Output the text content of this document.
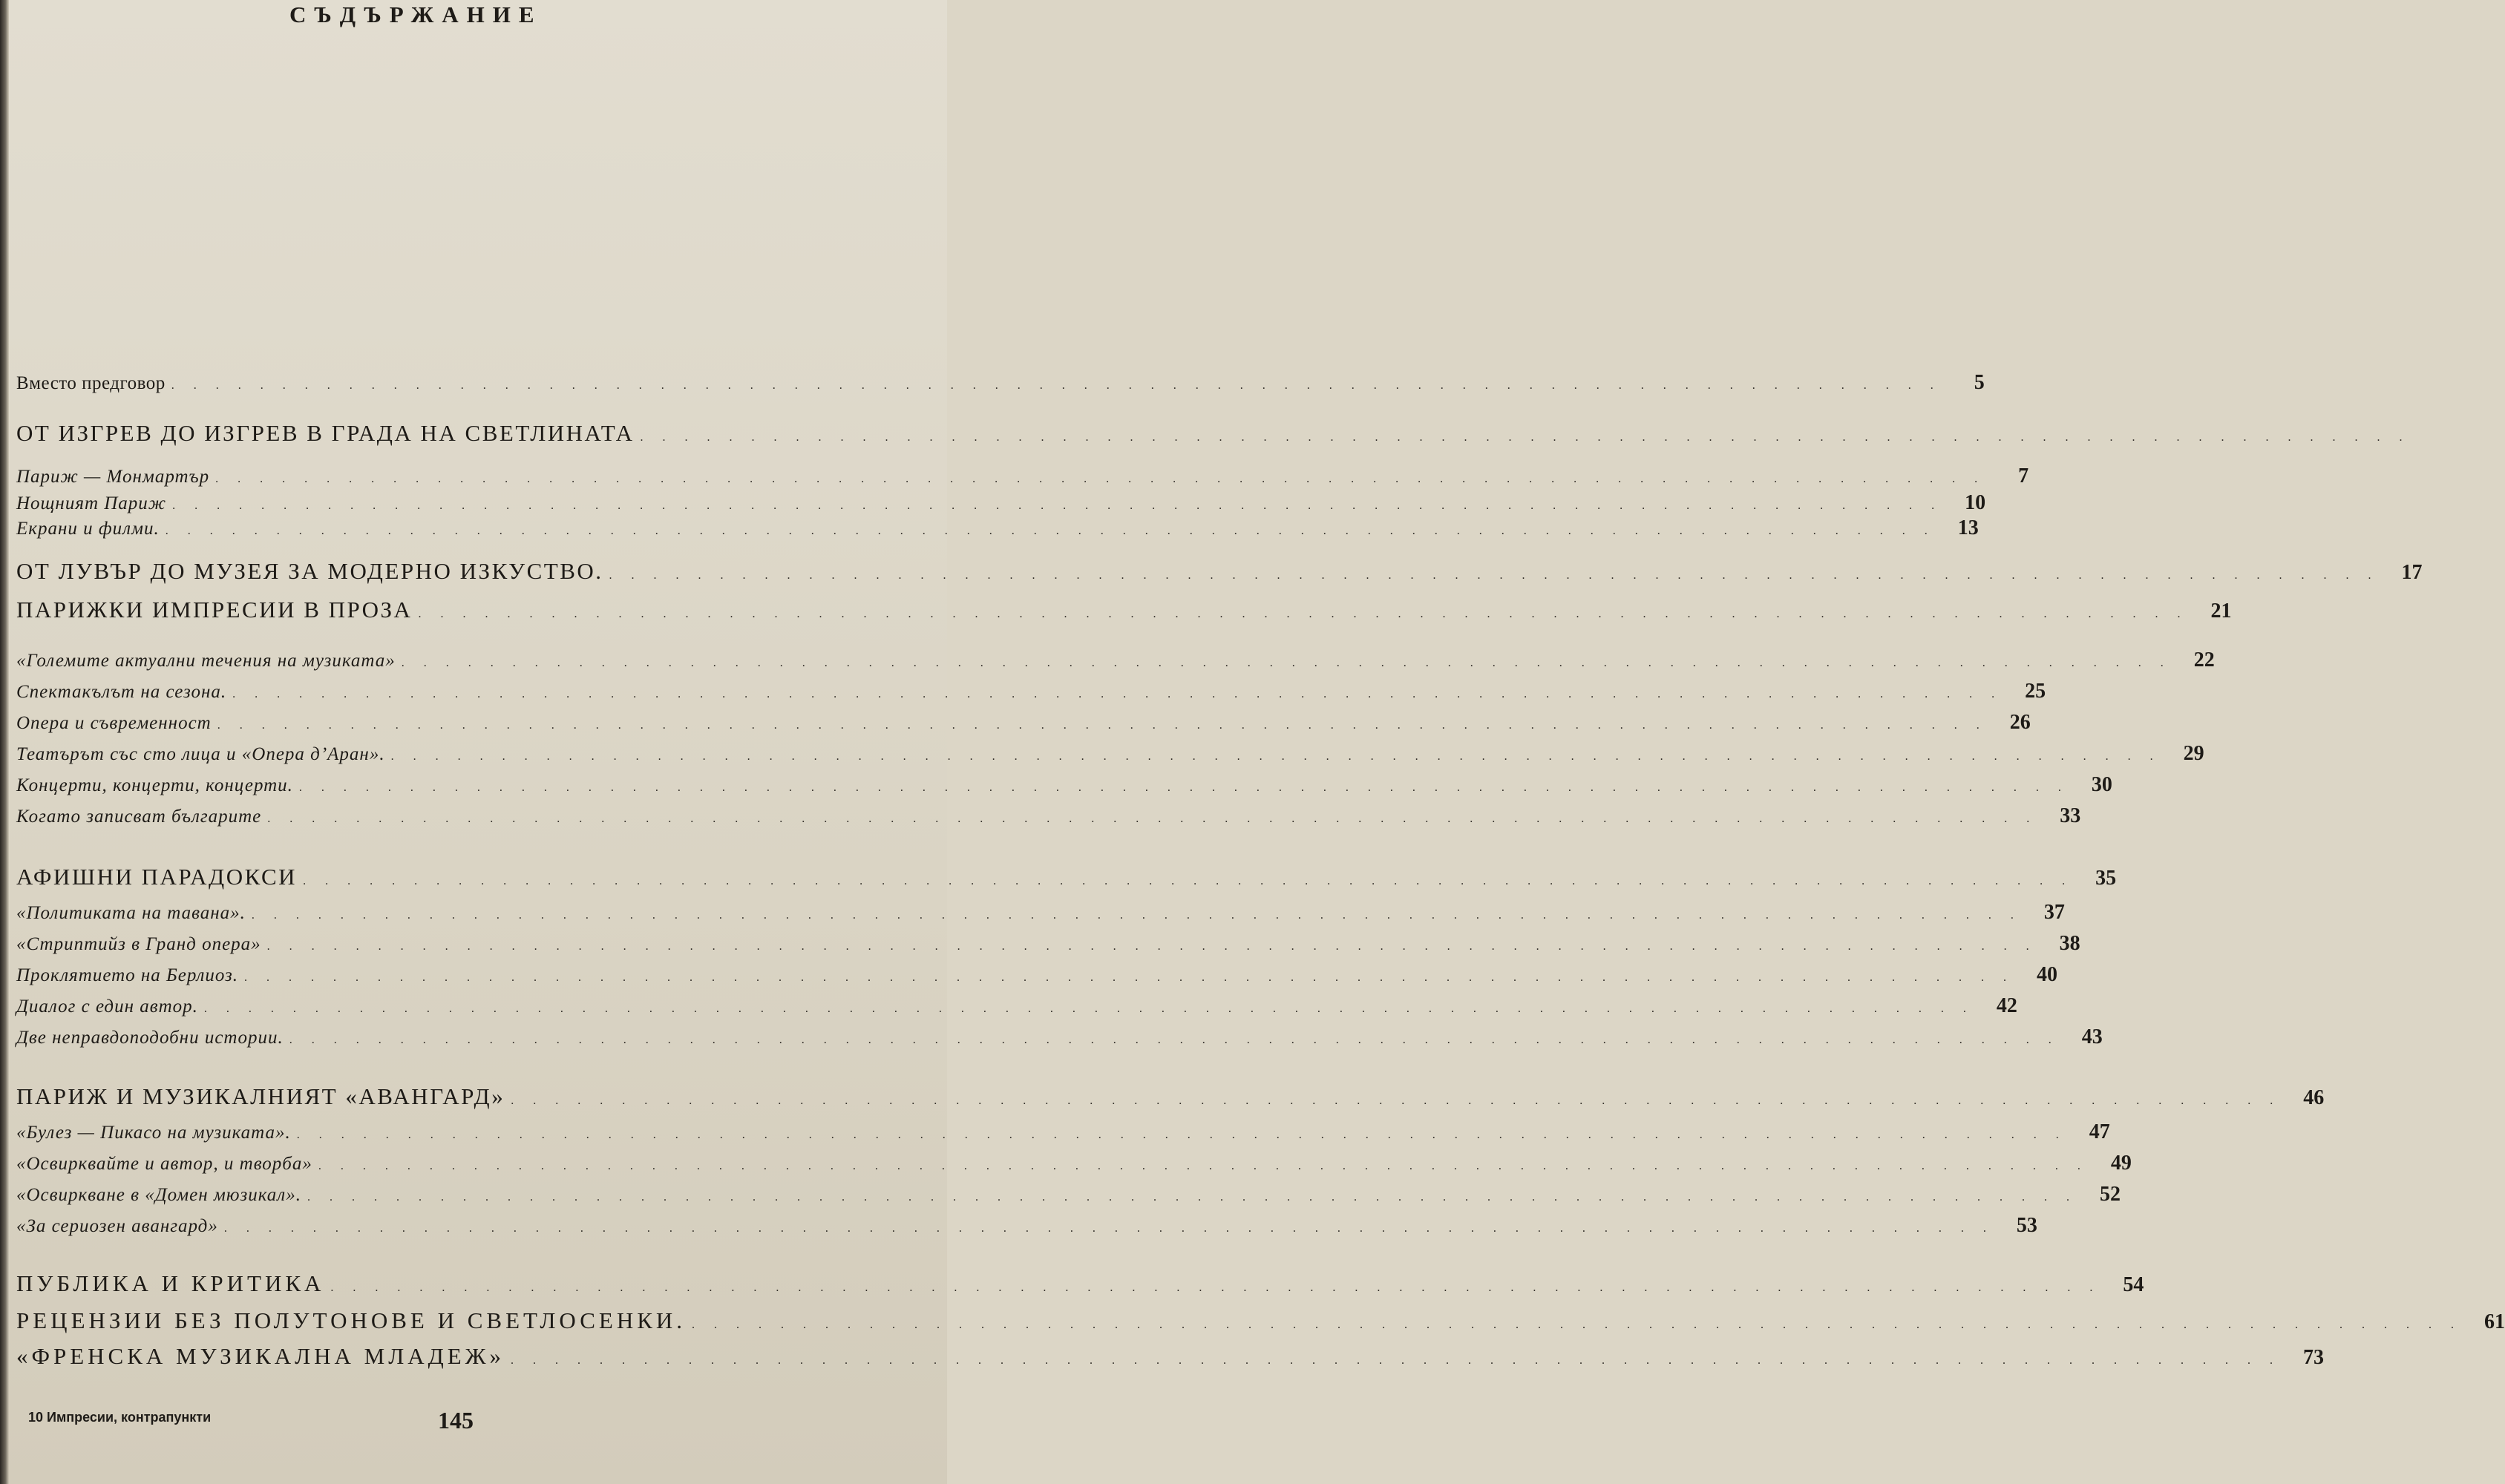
СЪДЪРЖАНИЕ
Вместо предговор . . . . . . . . . . . . . . . . . . . . . . . . . . . . . . . . . . . . . . . . . . . . . . . . . . . . . . . . . . . . . . . . . . . . . . . . . . . . . . . .	5
ОТ ИЗГРЕВ ДО ИЗГРЕВ В ГРАДА НА СВЕТЛИНАТА . . . . . . . . . . . . . . . . . . . . . . . . . . . . . . . . . . . . . . . . . . . . . . . . . . . . . . . . . . . . . . . . . . . . . . . . . . . . . . . .
Париж — Монмартър . . . . . . . . . . . . . . . . . . . . . . . . . . . . . . . . . . . . . . . . . . . . . . . . . . . . . . . . . . . . . . . . . . . . . . . . . . . . . . . .	7
Нощният Париж . . . . . . . . . . . . . . . . . . . . . . . . . . . . . . . . . . . . . . . . . . . . . . . . . . . . . . . . . . . . . . . . . . . . . . . . . . . . . . . .	10
Екрани и филми. . . . . . . . . . . . . . . . . . . . . . . . . . . . . . . . . . . . . . . . . . . . . . . . . . . . . . . . . . . . . . . . . . . . . . . . . . . . . . . . .	13
ОТ ЛУВЪР ДО МУЗЕЯ ЗА МОДЕРНО ИЗКУСТВО. . . . . . . . . . . . . . . . . . . . . . . . . . . . . . . . . . . . . . . . . . . . . . . . . . . . . . . . . . . . . . . . . . . . . . . . . . . . . . . . .	17
ПАРИЖКИ ИМПРЕСИИ В ПРОЗА . . . . . . . . . . . . . . . . . . . . . . . . . . . . . . . . . . . . . . . . . . . . . . . . . . . . . . . . . . . . . . . . . . . . . . . . . . . . . . . .	21
«Големите актуални течения на музиката» . . . . . . . . . . . . . . . . . . . . . . . . . . . . . . . . . . . . . . . . . . . . . . . . . . . . . . . . . . . . . . . . . . . . . . . . . . . . . . . .	22
Спектакълът на сезона. . . . . . . . . . . . . . . . . . . . . . . . . . . . . . . . . . . . . . . . . . . . . . . . . . . . . . . . . . . . . . . . . . . . . . . . . . . . . . . . .	25
Опера и съвременност . . . . . . . . . . . . . . . . . . . . . . . . . . . . . . . . . . . . . . . . . . . . . . . . . . . . . . . . . . . . . . . . . . . . . . . . . . . . . . . .	26
Театърът със сто лица и «Опера д’Аран». . . . . . . . . . . . . . . . . . . . . . . . . . . . . . . . . . . . . . . . . . . . . . . . . . . . . . . . . . . . . . . . . . . . . . . . . . . . . . . . .	29
Концерти, концерти, концерти. . . . . . . . . . . . . . . . . . . . . . . . . . . . . . . . . . . . . . . . . . . . . . . . . . . . . . . . . . . . . . . . . . . . . . . . . . . . . . . . .	30
Когато записват българите . . . . . . . . . . . . . . . . . . . . . . . . . . . . . . . . . . . . . . . . . . . . . . . . . . . . . . . . . . . . . . . . . . . . . . . . . . . . . . . .	33
АФИШНИ ПАРАДОКСИ . . . . . . . . . . . . . . . . . . . . . . . . . . . . . . . . . . . . . . . . . . . . . . . . . . . . . . . . . . . . . . . . . . . . . . . . . . . . . . . .	35
«Политиката на тавана». . . . . . . . . . . . . . . . . . . . . . . . . . . . . . . . . . . . . . . . . . . . . . . . . . . . . . . . . . . . . . . . . . . . . . . . . . . . . . . . .	37
«Стриптийз в Гранд опера» . . . . . . . . . . . . . . . . . . . . . . . . . . . . . . . . . . . . . . . . . . . . . . . . . . . . . . . . . . . . . . . . . . . . . . . . . . . . . . . .	38
Проклятието на Берлиоз. . . . . . . . . . . . . . . . . . . . . . . . . . . . . . . . . . . . . . . . . . . . . . . . . . . . . . . . . . . . . . . . . . . . . . . . . . . . . . . . .	40
Диалог с един автор. . . . . . . . . . . . . . . . . . . . . . . . . . . . . . . . . . . . . . . . . . . . . . . . . . . . . . . . . . . . . . . . . . . . . . . . . . . . . . . . .	42
Две неправдоподобни истории. . . . . . . . . . . . . . . . . . . . . . . . . . . . . . . . . . . . . . . . . . . . . . . . . . . . . . . . . . . . . . . . . . . . . . . . . . . . . . . . .	43
ПАРИЖ И МУЗИКАЛНИЯТ «АВАНГАРД» . . . . . . . . . . . . . . . . . . . . . . . . . . . . . . . . . . . . . . . . . . . . . . . . . . . . . . . . . . . . . . . . . . . . . . . . . . . . . . . .	46
«Булез — Пикасо на музиката». . . . . . . . . . . . . . . . . . . . . . . . . . . . . . . . . . . . . . . . . . . . . . . . . . . . . . . . . . . . . . . . . . . . . . . . . . . . . . . . .	47
«Освирквайте и автор, и творба» . . . . . . . . . . . . . . . . . . . . . . . . . . . . . . . . . . . . . . . . . . . . . . . . . . . . . . . . . . . . . . . . . . . . . . . . . . . . . . . .	49
«Освиркване в «Домен мюзикал». . . . . . . . . . . . . . . . . . . . . . . . . . . . . . . . . . . . . . . . . . . . . . . . . . . . . . . . . . . . . . . . . . . . . . . . . . . . . . . . .	52
«За сериозен авангард» . . . . . . . . . . . . . . . . . . . . . . . . . . . . . . . . . . . . . . . . . . . . . . . . . . . . . . . . . . . . . . . . . . . . . . . . . . . . . . . .	53
ПУБЛИКА И КРИТИКА . . . . . . . . . . . . . . . . . . . . . . . . . . . . . . . . . . . . . . . . . . . . . . . . . . . . . . . . . . . . . . . . . . . . . . . . . . . . . . . .	54
РЕЦЕНЗИИ БЕЗ ПОЛУТОНОВЕ И СВЕТЛОСЕНКИ. . . . . . . . . . . . . . . . . . . . . . . . . . . . . . . . . . . . . . . . . . . . . . . . . . . . . . . . . . . . . . . . . . . . . . . . . . . . . . . . .	61
«ФРЕНСКА МУЗИКАЛНА МЛАДЕЖ» . . . . . . . . . . . . . . . . . . . . . . . . . . . . . . . . . . . . . . . . . . . . . . . . . . . . . . . . . . . . . . . . . . . . . . . . . . . . . . . .	73
10 Импресии, контрапункти	145
